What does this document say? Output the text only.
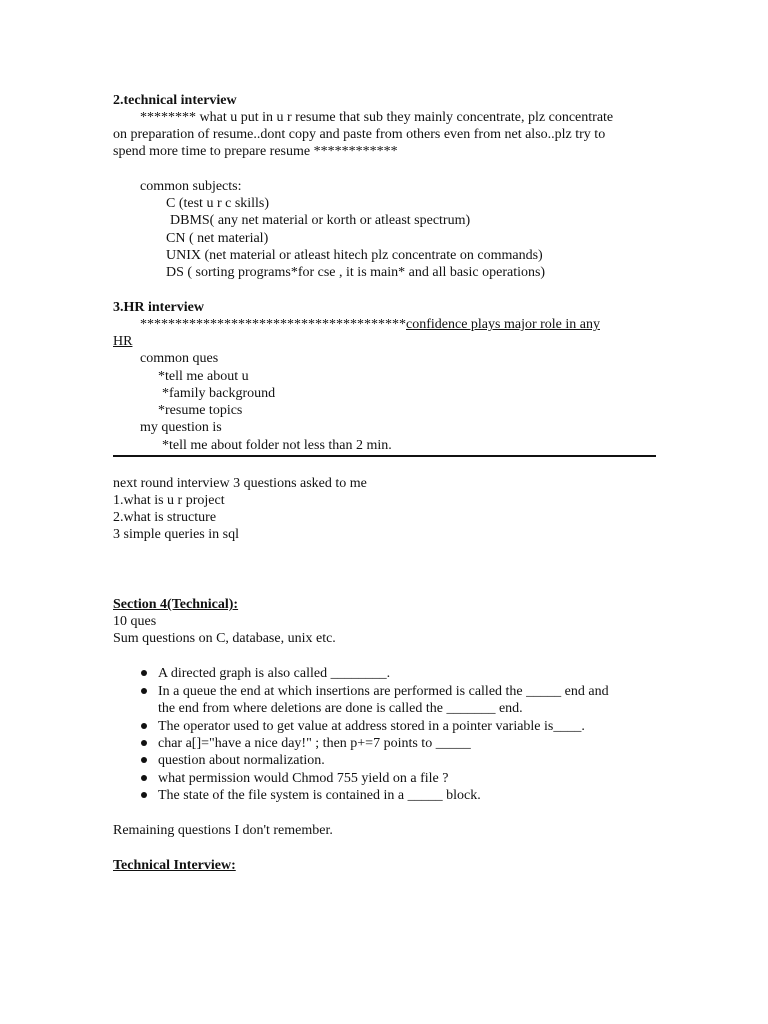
2.technical interview
******** what u put in u r resume that sub they mainly concentrate, plz concentrate
on preparation of resume..dont copy and paste from others even from net also..plz try to
spend more time to prepare resume ************
common subjects:
C (test u r c skills)
DBMS( any net material or korth or atleast spectrum)
CN ( net material)
UNIX (net material or atleast hitech plz concentrate on commands)
DS ( sorting programs*for cse , it is main* and all basic operations)
3.HR interview
**************************************confidence plays major role in any
HR
common ques
*tell me about u
*family background
*resume topics
my question is
*tell me about folder not less than 2 min.
next round interview 3 questions asked to me
1.what is u r project
2.what is structure
3 simple queries in sql
Section 4(Technical):
10 ques
Sum questions on C, database, unix etc.
A directed graph is also called ________.
In a queue the end at which insertions are performed is called the _____ end and
the end from where deletions are done is called the _______ end.
The operator used to get value at address stored in a pointer variable is____.
char a[]="have a nice day!" ; then p+=7 points to _____
question about normalization.
what permission would Chmod 755 yield on a file ?
The state of the file system is contained in a _____ block.
Remaining questions I don't remember.
Technical Interview:
